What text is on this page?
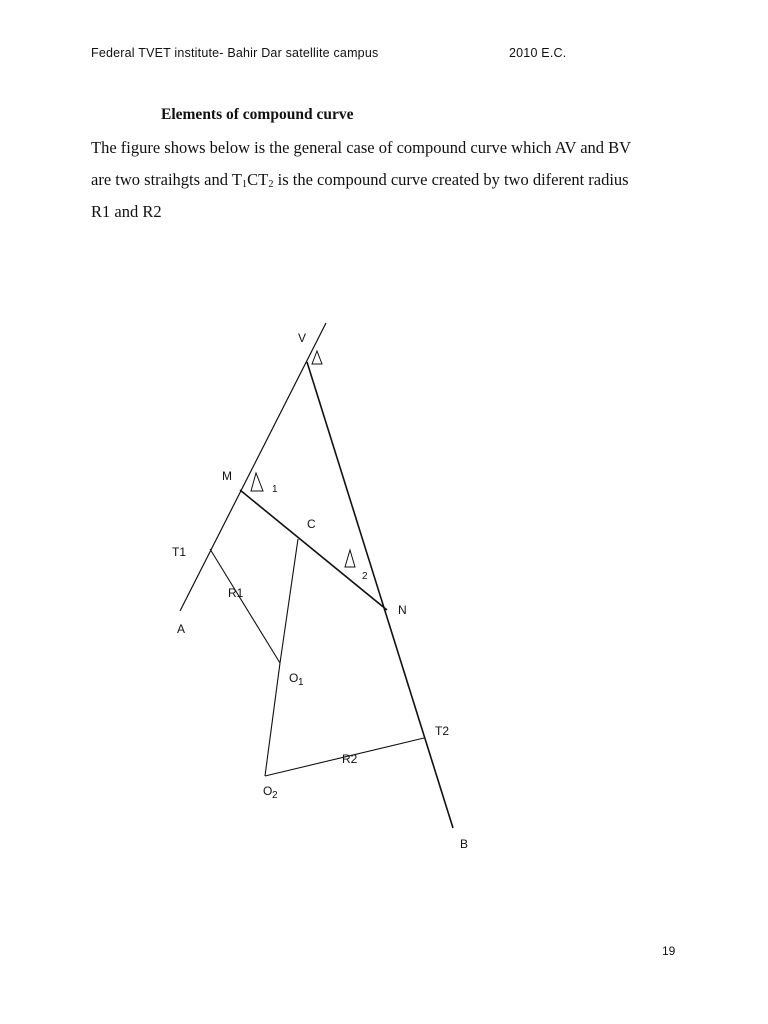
Federal TVET institute- Bahir Dar satellite campus	2010 E.C.
Elements of compound curve
The figure shows below is the general case of compound curve which AV and BV
are two straihgts and $T_1CT_2$ is the compound curve created by two diferent radius
R1 and R2
V
M
1
C
2
N
T1
A
R1
O 1
T2
R2
O 2
B
19
